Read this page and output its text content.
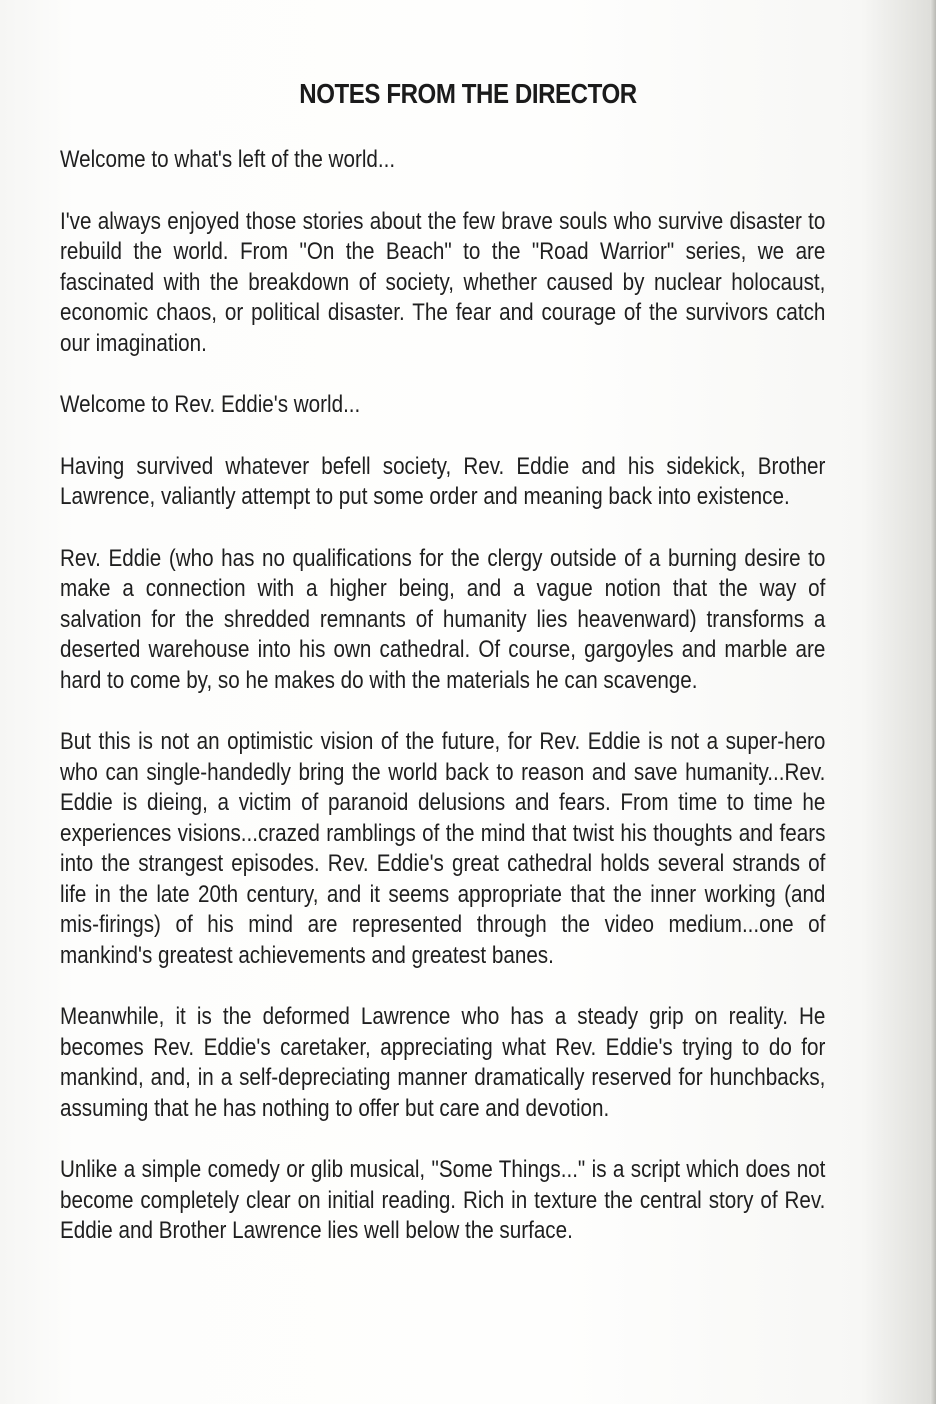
NOTES FROM THE DIRECTOR

Welcome to what's left of the world...

I've always enjoyed those stories about the few brave souls who survive disaster to rebuild the world. From "On the Beach" to the "Road Warrior" series, we are fascinated with the breakdown of society, whether caused by nuclear holocaust, economic chaos, or political disaster. The fear and courage of the survivors catch our imagination.

Welcome to Rev. Eddie's world...

Having survived whatever befell society, Rev. Eddie and his sidekick, Brother Lawrence, valiantly attempt to put some order and meaning back into existence.

Rev. Eddie (who has no qualifications for the clergy outside of a burning desire to make a connection with a higher being, and a vague notion that the way of salvation for the shredded remnants of humanity lies heavenward) transforms a deserted warehouse into his own cathedral. Of course, gargoyles and marble are hard to come by, so he makes do with the materials he can scavenge.

But this is not an optimistic vision of the future, for Rev. Eddie is not a super-hero who can single-handedly bring the world back to reason and save humanity...Rev. Eddie is dieing, a victim of paranoid delusions and fears. From time to time he experiences visions...crazed ramblings of the mind that twist his thoughts and fears into the strangest episodes. Rev. Eddie's great cathedral holds several strands of life in the late 20th century, and it seems appropriate that the inner working (and mis-firings) of his mind are represented through the video medium...one of mankind's greatest achievements and greatest banes.

Meanwhile, it is the deformed Lawrence who has a steady grip on reality. He becomes Rev. Eddie's caretaker, appreciating what Rev. Eddie's trying to do for mankind, and, in a self-depreciating manner dramatically reserved for hunchbacks, assuming that he has nothing to offer but care and devotion.

Unlike a simple comedy or glib musical, "Some Things..." is a script which does not become completely clear on initial reading. Rich in texture the central story of Rev. Eddie and Brother Lawrence lies well below the surface.
